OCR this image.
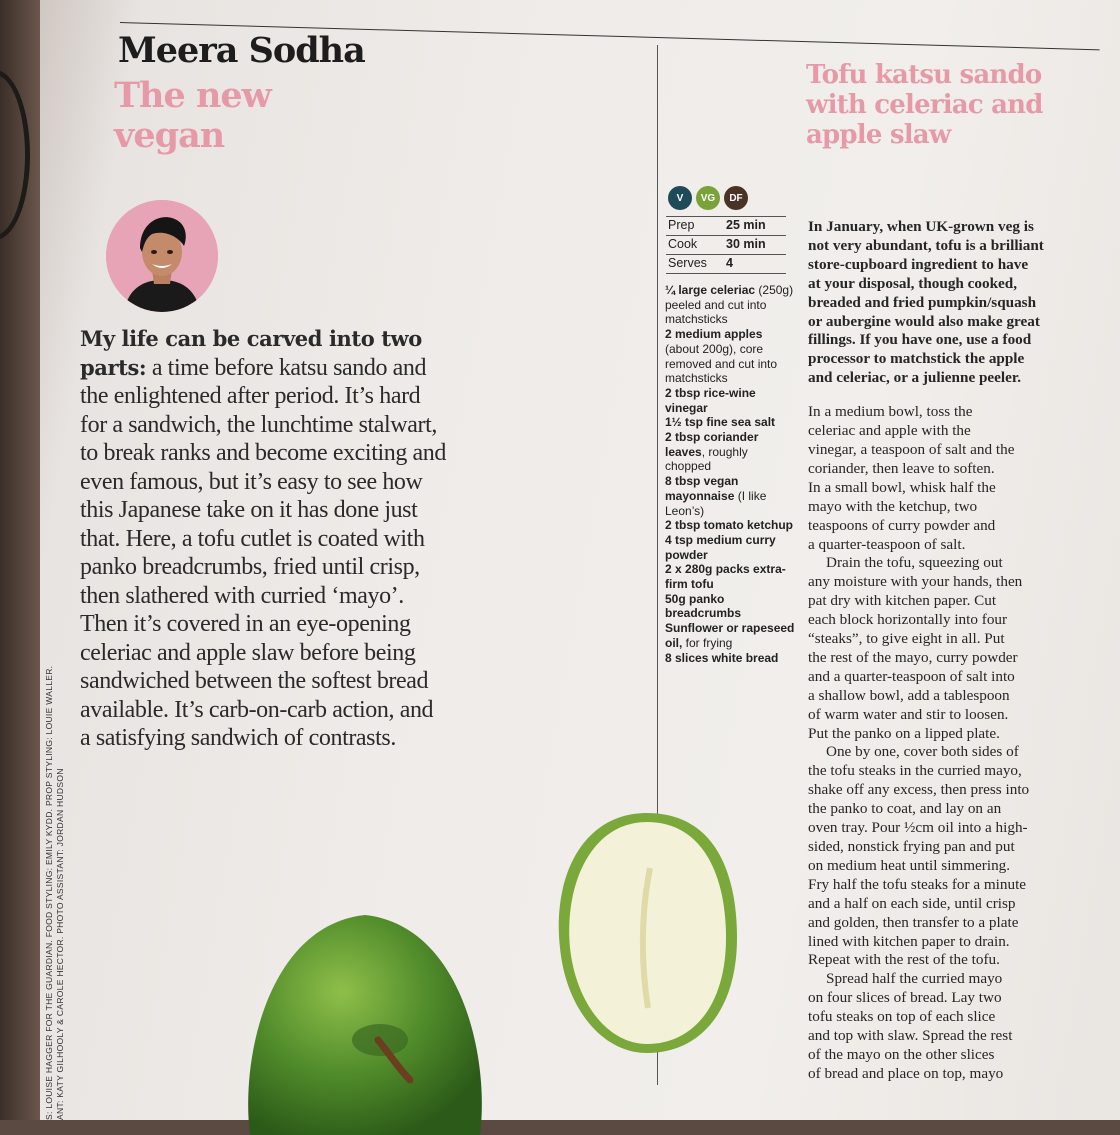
S: LOUISE HAGGER FOR THE GUARDIAN. FOOD STYLING: EMILY KYDD. PROP STYLING: LOUIE WALLER. ANT: KATY GILHOOLY & CAROLE HECTOR. PHOTO ASSISTANT: JORDAN HUDSON
Meera Sodha
The new vegan
My life can be carved into two
parts: a time before katsu sando and
the enlightened after period. It’s hard
for a sandwich, the lunchtime stalwart,
to break ranks and become exciting and
even famous, but it’s easy to see how
this Japanese take on it has done just
that. Here, a tofu cutlet is coated with
panko breadcrumbs, fried until crisp,
then slathered with curried ‘mayo’.
Then it’s covered in an eye-opening
celeriac and apple slaw before being
sandwiched between the softest bread
available. It’s carb-on-carb action, and
a satisfying sandwich of contrasts.
Tofu katsu sando with celeriac and apple slaw
V	VG	DF
Prep	25 min
Cook	30 min
Serves	4
¼ large celeriac (250g) peeled and cut into matchsticks
2 medium apples (about 200g), core removed and cut into matchsticks
2 tbsp rice-wine vinegar
1½ tsp fine sea salt
2 tbsp coriander leaves, roughly chopped
8 tbsp vegan mayonnaise (I like Leon’s)
2 tbsp tomato ketchup
4 tsp medium curry powder
2 x 280g packs extra-firm tofu
50g panko breadcrumbs
Sunflower or rapeseed oil, for frying
8 slices white bread
In January, when UK-grown veg is
not very abundant, tofu is a brilliant
store-cupboard ingredient to have
at your disposal, though cooked,
breaded and fried pumpkin/squash
or aubergine would also make great
fillings. If you have one, use a food
processor to matchstick the apple
and celeriac, or a julienne peeler.
In a medium bowl, toss the
celeriac and apple with the
vinegar, a teaspoon of salt and the
coriander, then leave to soften.
In a small bowl, whisk half the
mayo with the ketchup, two
teaspoons of curry powder and
a quarter-teaspoon of salt.
Drain the tofu, squeezing out
any moisture with your hands, then
pat dry with kitchen paper. Cut
each block horizontally into four
“steaks”, to give eight in all. Put
the rest of the mayo, curry powder
and a quarter-teaspoon of salt into
a shallow bowl, add a tablespoon
of warm water and stir to loosen.
Put the panko on a lipped plate.
One by one, cover both sides of
the tofu steaks in the curried mayo,
shake off any excess, then press into
the panko to coat, and lay on an
oven tray. Pour ½cm oil into a high-
sided, nonstick frying pan and put
on medium heat until simmering.
Fry half the tofu steaks for a minute
and a half on each side, until crisp
and golden, then transfer to a plate
lined with kitchen paper to drain.
Repeat with the rest of the tofu.
Spread half the curried mayo
on four slices of bread. Lay two
tofu steaks on top of each slice
and top with slaw. Spread the rest
of the mayo on the other slices
of bread and place on top, mayo
